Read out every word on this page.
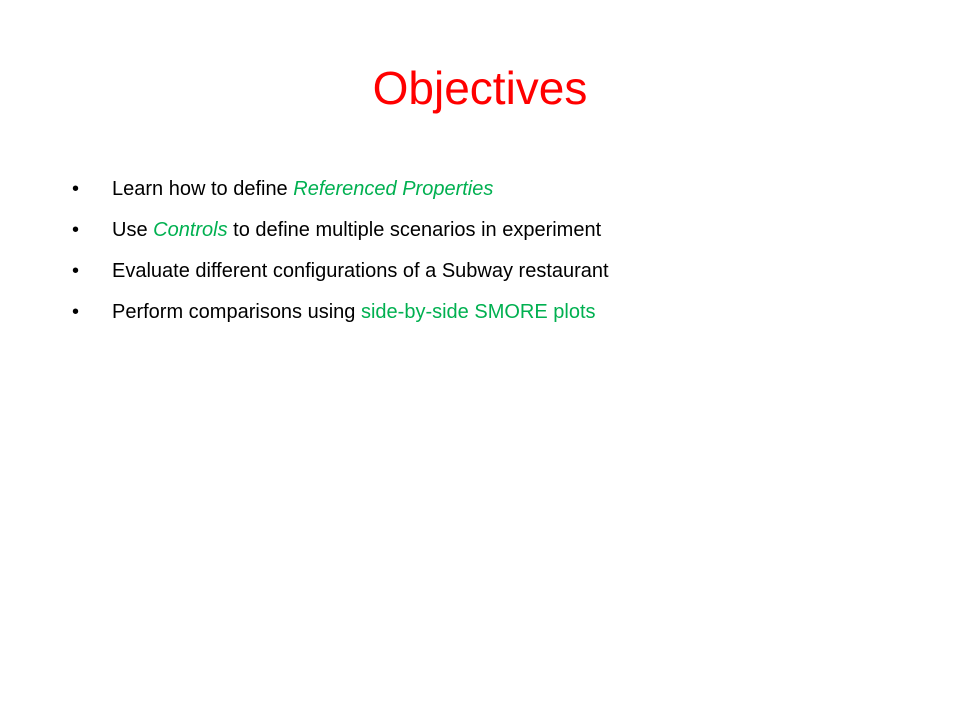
Objectives
• Learn how to define Referenced Properties
• Use Controls to define multiple scenarios in experiment
• Evaluate different configurations of a Subway restaurant
• Perform comparisons using side-by-side SMORE plots
